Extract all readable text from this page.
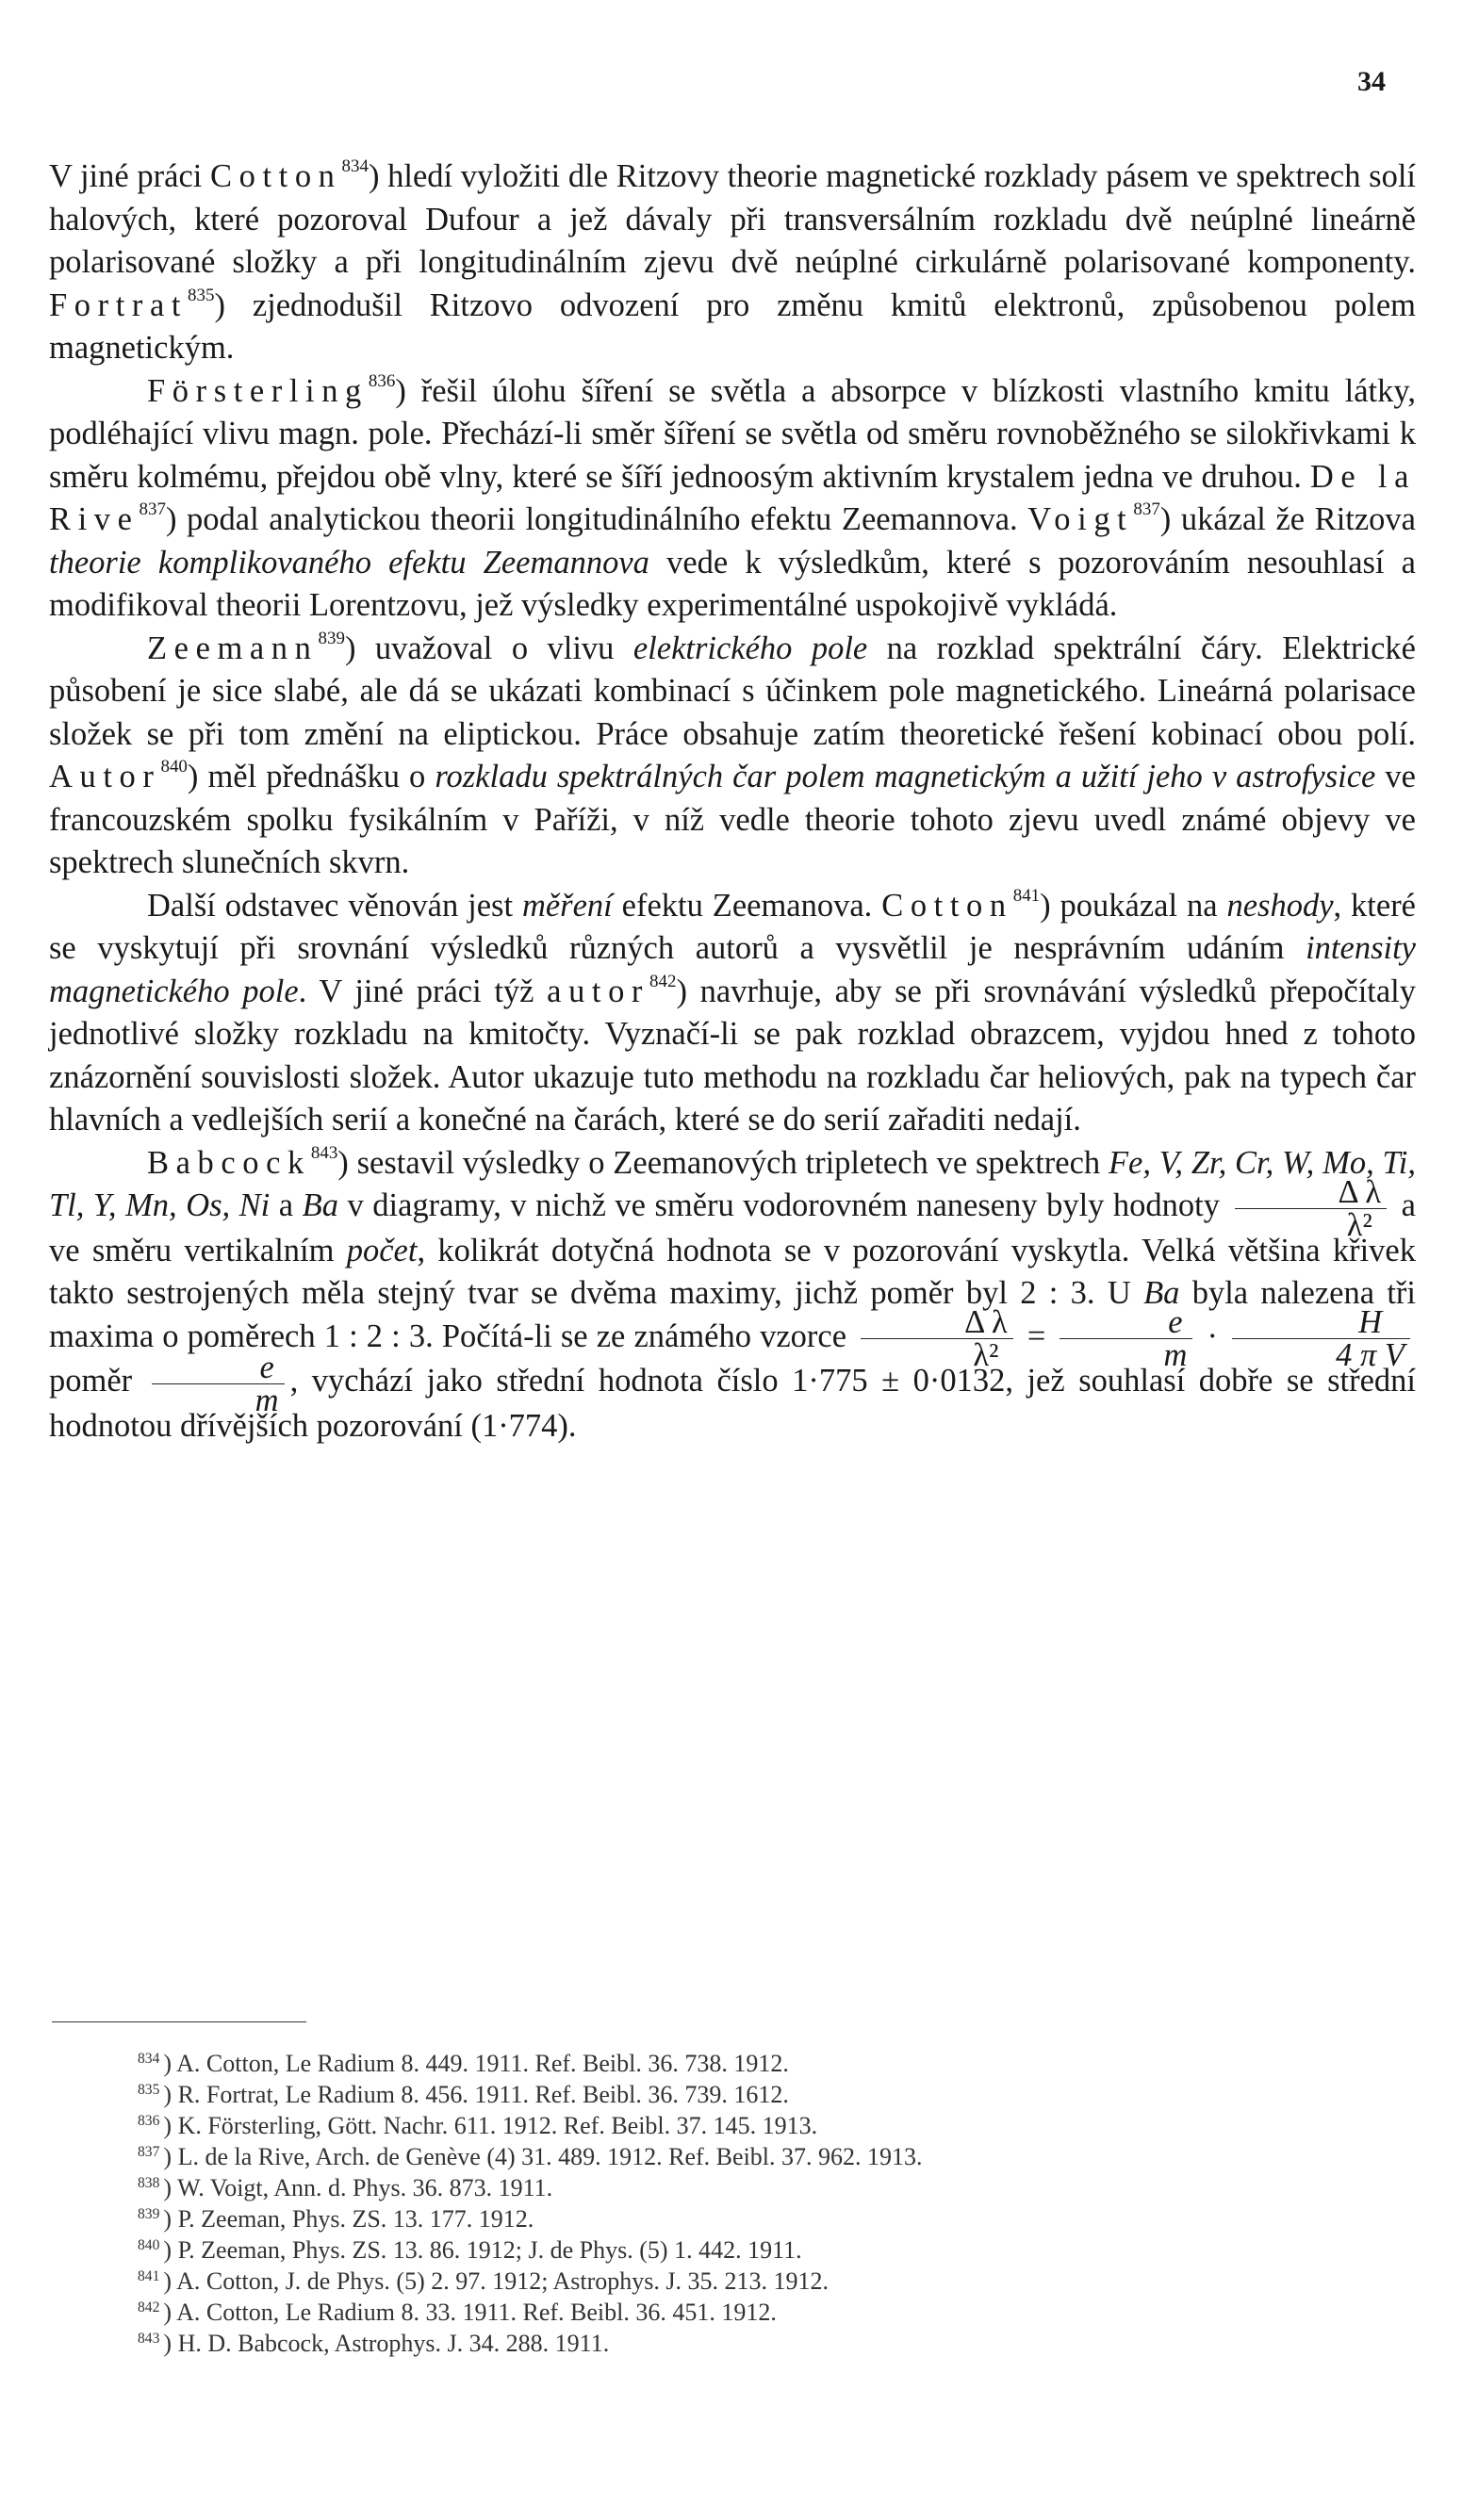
34

V jiné práci Cotton$^{834}$) hledí vyložiti dle Ritzovy theorie magnetické rozklady pásem ve spektrech solí halových, které pozoroval Dufour a jež dávaly při transversálním rozkladu dvě neúplné lineárně polarisované složky a při longitudinálním zjevu dvě neúplné cirkulárně polarisované komponenty. Fortrat$^{835}$) zjednodušil Ritzovo odvození pro změnu kmitů elektronů, způsobenou polem magnetickým.

Försterling$^{836}$) řešil úlohu šíření se světla a absorpce v blízkosti vlastního kmitu látky, podléhající vlivu magn. pole. Přechází-li směr šíření se světla od směru rovnoběžného se silokřivkami k směru kolmému, přejdou obě vlny, které se šíří jednoosým aktivním krystalem jedna ve druhou. De la Rive$^{837}$) podal analytickou theorii longitudinálního efektu Zeemannova. Voigt$^{837}$) ukázal že Ritzova theorie komplikovaného efektu Zeemannova vede k výsledkům, které s pozorováním nesouhlasí a modifikoval theorii Lorentzovu, jež výsledky experimentálné uspokojivě vykládá.

Zeemann$^{839}$) uvažoval o vlivu elektrického pole na rozklad spektrální čáry. Elektrické působení je sice slabé, ale dá se ukázati kombinací s účinkem pole magnetického. Lineárná polarisace složek se při tom změní na eliptickou. Práce obsahuje zatím theoretické řešení kobinací obou polí. Autor$^{840}$) měl přednášku o rozkladu spektrálných čar polem magnetickým a užití jeho v astrofysice ve francouzském spolku fysikálním v Paříži, v níž vedle theorie tohoto zjevu uvedl známé objevy ve spektrech slunečních skvrn.

Další odstavec věnován jest měření efektu Zeemanova. Cotton$^{841}$) poukázal na neshody, které se vyskytují při srovnání výsledků různých autorů a vysvětlil je nesprávním udáním intensity magnetického pole. V jiné práci týž autor$^{842}$) navrhuje, aby se při srovnávání výsledků přepočítaly jednotlivé složky rozkladu na kmitočty. Vyznačí-li se pak rozklad obrazcem, vyjdou hned z tohoto znázornění souvislosti složek. Autor ukazuje tuto methodu na rozkladu čar heliových, pak na typech čar hlavních a vedlejších serií a konečné na čarách, které se do serií zařaditi nedají.

Babcock$^{843}$) sestavil výsledky o Zeemanových tripletech ve spektrech Fe, V, Zr, Cr, W, Mo, Ti, Tl, Y, Mn, Os, Ni a Ba v diagramy, v nichž ve směru vodorovném naneseny byly hodnoty $\frac{\text{Δ λ}}{\text{λ²}}$ a ve směru vertikalním počet, kolikrát dotyčná hodnota se v pozorování vyskytla. Velká většina křivek takto sestrojených měla stejný tvar se dvěma maximy, jichž poměr byl 2 : 3. U Ba byla nalezena tři maxima o poměrech 1 : 2 : 3. Počítá-li se ze známého vzorce $\frac{\text{Δ λ}}{\text{λ²}} = \frac{e}{m} \cdot \frac{H}{\text{4 π V}}$
poměr $\frac{e}{m}$ , vychází jako střední hodnota číslo 1·775 ± 0·0132, jež souhlasí dobře se střední hodnotou dřívějších pozorování (1·774).

$^{834}$ ) A. Cotton, Le Radium 8. 449. 1911. Ref. Beibl. 36. 738. 1912.
$^{835}$ ) R. Fortrat, Le Radium 8. 456. 1911. Ref. Beibl. 36. 739. 1612.
$^{836}$ ) K. Försterling, Gött. Nachr. 611. 1912. Ref. Beibl. 37. 145. 1913.
$^{837}$ ) L. de la Rive, Arch. de Genève (4) 31. 489. 1912. Ref. Beibl. 37. 962. 1913.
$^{838}$ ) W. Voigt, Ann. d. Phys. 36. 873. 1911.
$^{839}$ ) P. Zeeman, Phys. ZS. 13. 177. 1912.
$^{840}$ ) P. Zeeman, Phys. ZS. 13. 86. 1912; J. de Phys. (5) 1. 442. 1911.
$^{841}$ ) A. Cotton, J. de Phys. (5) 2. 97. 1912; Astrophys. J. 35. 213. 1912.
$^{842}$ ) A. Cotton, Le Radium 8. 33. 1911. Ref. Beibl. 36. 451. 1912.
$^{843}$ ) H. D. Babcock, Astrophys. J. 34. 288. 1911.
